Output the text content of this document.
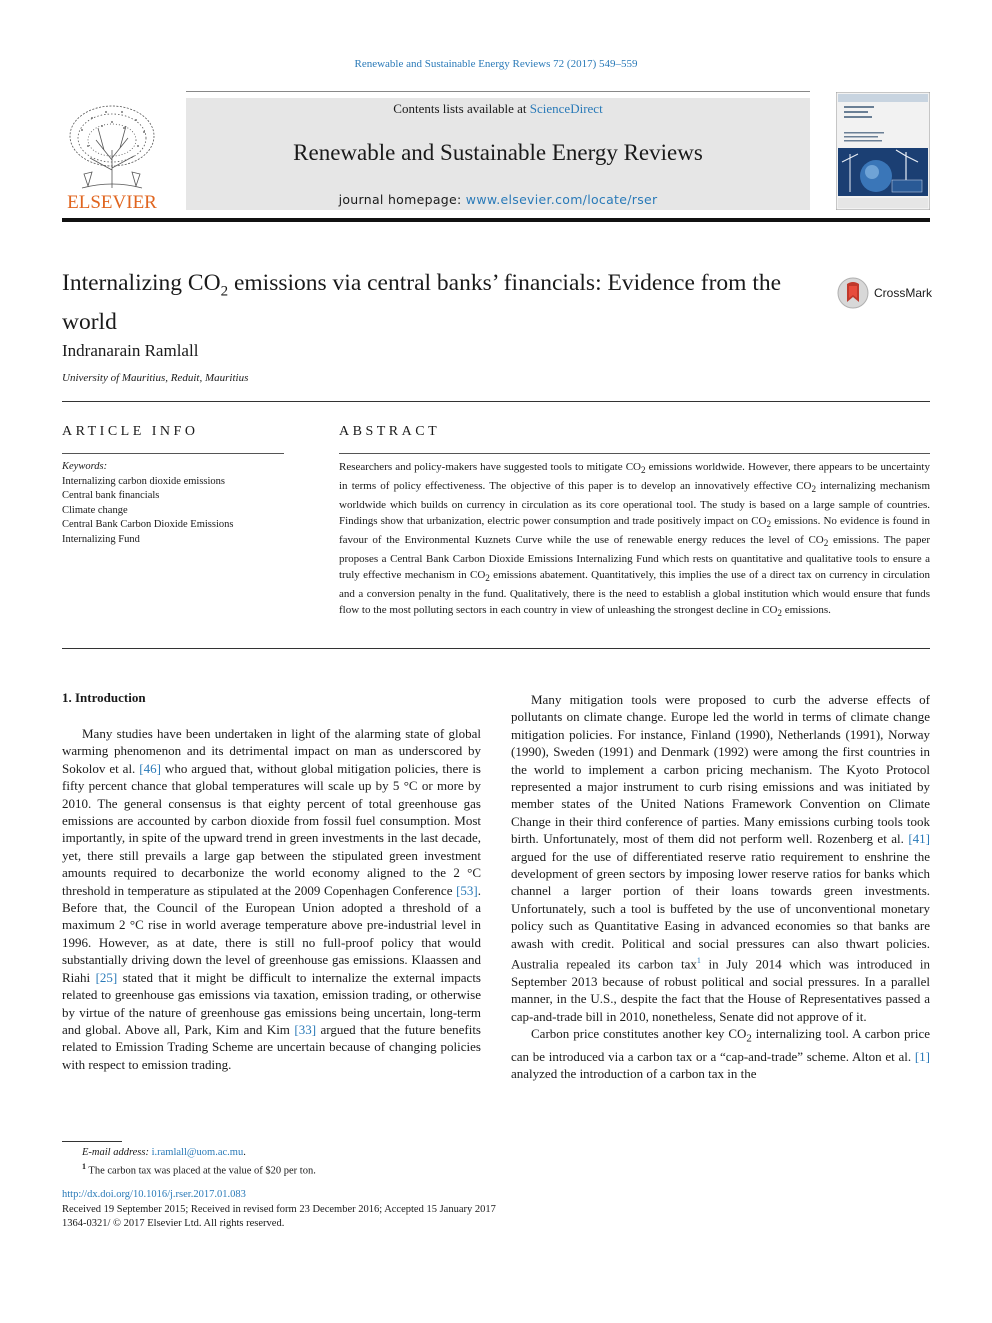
Renewable and Sustainable Energy Reviews 72 (2017) 549–559
ELSEVIER
Contents lists available at ScienceDirect
Renewable and Sustainable Energy Reviews
journal homepage: www.elsevier.com/locate/rser
Internalizing $CO_2$ emissions via central banks’ financials: Evidence from the world
CrossMark
Indranarain Ramlall
University of Mauritius, Reduit, Mauritius
ARTICLE INFO
Keywords:
Internalizing carbon dioxide emissions
Central bank financials
Climate change
Central Bank Carbon Dioxide Emissions
Internalizing Fund
ABSTRACT
Researchers and policy-makers have suggested tools to mitigate $CO_2$ emissions worldwide. However, there appears to be uncertainty in terms of policy effectiveness. The objective of this paper is to develop an innovatively effective $CO_2$ internalizing mechanism worldwide which builds on currency in circulation as its core operational tool. The study is based on a large sample of countries. Findings show that urbanization, electric power consumption and trade positively impact on $CO_2$ emissions. No evidence is found in favour of the Environmental Kuznets Curve while the use of renewable energy reduces the level of $CO_2$ emissions. The paper proposes a Central Bank Carbon Dioxide Emissions Internalizing Fund which rests on quantitative and qualitative tools to ensure a truly effective mechanism in $CO_2$ emissions abatement. Quantitatively, this implies the use of a direct tax on currency in circulation and a conversion penalty in the fund. Qualitatively, there is the need to establish a global institution which would ensure that funds flow to the most polluting sectors in each country in view of unleashing the strongest decline in $CO_2$ emissions.
1. Introduction

Many studies have been undertaken in light of the alarming state of global warming phenomenon and its detrimental impact on man as underscored by Sokolov et al. [46] who argued that, without global mitigation policies, there is fifty percent chance that global temperatures will scale up by 5 °C or more by 2010. The general consensus is that eighty percent of total greenhouse gas emissions are accounted by carbon dioxide from fossil fuel consumption. Most importantly, in spite of the upward trend in green investments in the last decade, yet, there still prevails a large gap between the stipulated green investment amounts required to decarbonize the world economy aligned to the 2 °C threshold in temperature as stipulated at the 2009 Copenhagen Conference [53]. Before that, the Council of the European Union adopted a threshold of a maximum 2 °C rise in world average temperature above pre-industrial level in 1996. However, as at date, there is still no full-proof policy that would substantially driving down the level of greenhouse gas emissions. Klaassen and Riahi [25] stated that it might be difficult to internalize the external impacts related to greenhouse gas emissions via taxation, emission trading, or otherwise by virtue of the nature of greenhouse gas emissions being uncertain, long-term and global. Above all, Park, Kim and Kim [33] argued that the future benefits related to Emission Trading Scheme are uncertain because of changing policies with respect to emission trading.

Many mitigation tools were proposed to curb the adverse effects of pollutants on climate change. Europe led the world in terms of climate change mitigation policies. For instance, Finland (1990), Netherlands (1991), Norway (1990), Sweden (1991) and Denmark (1992) were among the first countries in the world to implement a carbon pricing mechanism. The Kyoto Protocol represented a major instrument to curb rising emissions and was initiated by member states of the United Nations Framework Convention on Climate Change in their third conference of parties. Many emissions curbing tools took birth. Unfortunately, most of them did not perform well. Rozenberg et al. [41] argued for the use of differentiated reserve ratio requirement to enshrine the development of green sectors by imposing lower reserve ratios for banks which channel a larger portion of their loans towards green investments. Unfortunately, such a tool is buffeted by the use of unconventional monetary policy such as Quantitative Easing in advanced economies so that banks are awash with credit. Political and social pressures can also thwart policies. Australia repealed its carbon tax$^1$ in July 2014 which was introduced in September 2013 because of robust political and social pressures. In a parallel manner, in the U.S., despite the fact that the House of Representatives passed a cap-and-trade bill in 2010, nonetheless, Senate did not approve of it.

Carbon price constitutes another key $CO_2$ internalizing tool. A carbon price can be introduced via a carbon tax or a “cap-and-trade” scheme. Alton et al. [1] analyzed the introduction of a carbon tax in the

E-mail address: i.ramlall@uom.ac.mu.
$^1$ The carbon tax was placed at the value of $20 per ton.
http://dx.doi.org/10.1016/j.rser.2017.01.083
Received 19 September 2015; Received in revised form 23 December 2016; Accepted 15 January 2017
1364-0321/ © 2017 Elsevier Ltd. All rights reserved.
